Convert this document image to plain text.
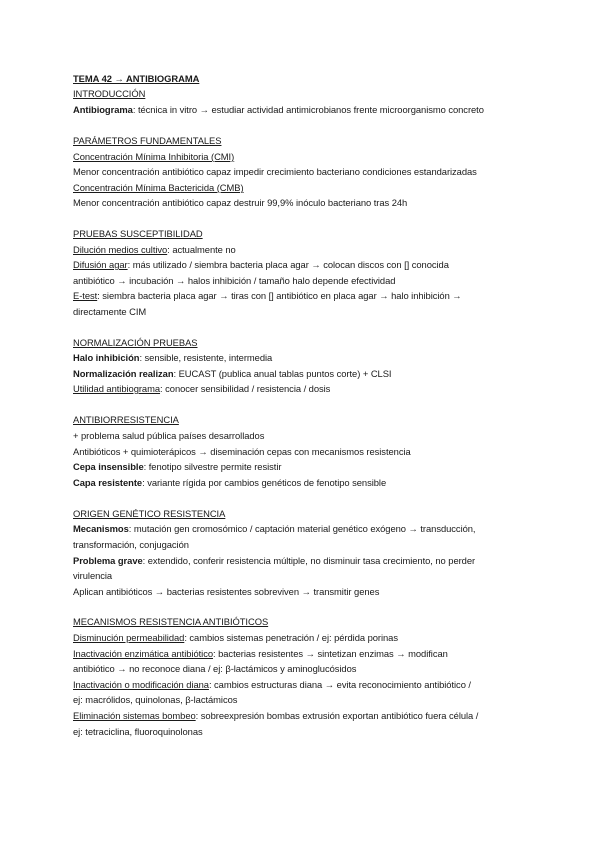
TEMA 42 → ANTIBIOGRAMA
INTRODUCCIÓN
Antibiograma: técnica in vitro → estudiar actividad antimicrobianos frente microorganismo concreto
PARÁMETROS FUNDAMENTALES
Concentración Mínima Inhibitoria (CMI)
Menor concentración antibiótico capaz impedir crecimiento bacteriano condiciones estandarizadas
Concentración Mínima Bactericida (CMB)
Menor concentración antibiótico capaz destruir 99,9% inóculo bacteriano tras 24h
PRUEBAS SUSCEPTIBILIDAD
Dilución medios cultivo: actualmente no
Difusión agar: más utilizado / siembra bacteria placa agar → colocan discos con [] conocida
antibiótico → incubación → halos inhibición / tamaño halo depende efectividad
E-test: siembra bacteria placa agar → tiras con [] antibiótico en placa agar → halo inhibición →
directamente CIM
NORMALIZACIÓN PRUEBAS
Halo inhibición: sensible, resistente, intermedia
Normalización realizan: EUCAST (publica anual tablas puntos corte) + CLSI
Utilidad antibiograma: conocer sensibilidad / resistencia / dosis
ANTIBIORRESISTENCIA
+ problema salud pública países desarrollados
Antibióticos + quimioterápicos → diseminación cepas con mecanismos resistencia
Cepa insensible: fenotipo silvestre permite resistir
Capa resistente: variante rígida por cambios genéticos de fenotipo sensible
ORIGEN GENÉTICO RESISTENCIA
Mecanismos: mutación gen cromosómico / captación material genético exógeno → transducción,
transformación, conjugación
Problema grave: extendido, conferir resistencia múltiple, no disminuir tasa crecimiento, no perder
virulencia
Aplican antibióticos → bacterias resistentes sobreviven → transmitir genes
MECANISMOS RESISTENCIA ANTIBIÓTICOS
Disminución permeabilidad: cambios sistemas penetración / ej: pérdida porinas
Inactivación enzimática antibiótico: bacterias resistentes → sintetizan enzimas → modifican
antibiótico → no reconoce diana / ej: β-lactámicos y aminoglucósidos
Inactivación o modificación diana: cambios estructuras diana → evita reconocimiento antibiótico /
ej: macrólidos, quinolonas, β-lactámicos
Eliminación sistemas bombeo: sobreexpresión bombas extrusión exportan antibiótico fuera célula /
ej: tetraciclina, fluoroquinolonas
